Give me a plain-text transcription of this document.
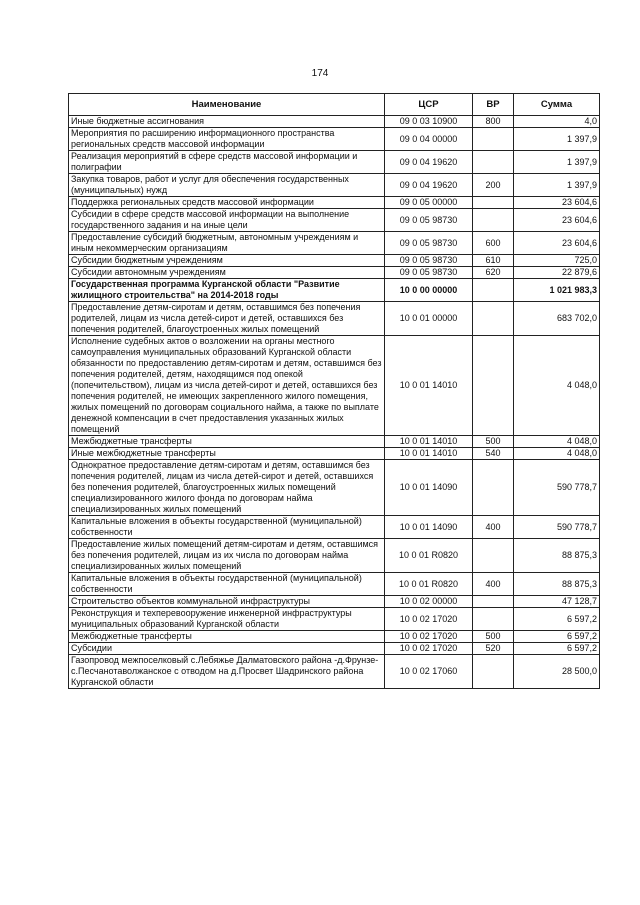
174
Наименование	ЦСР	ВР	Сумма
Иные бюджетные ассигнования	09 0 03 10900	800	4,0
Мероприятия по расширению информационного пространства региональных средств массовой информации	09 0 04 00000		1 397,9
Реализация мероприятий в сфере средств массовой информации и полиграфии	09 0 04 19620		1 397,9
Закупка товаров, работ и услуг для обеспечения государственных (муниципальных) нужд	09 0 04 19620	200	1 397,9
Поддержка региональных средств массовой информации	09 0 05 00000		23 604,6
Субсидии в сфере средств массовой информации на выполнение государственного задания и на иные цели	09 0 05 98730		23 604,6
Предоставление субсидий бюджетным, автономным учреждениям и иным некоммерческим организациям	09 0 05 98730	600	23 604,6
Субсидии бюджетным учреждениям	09 0 05 98730	610	725,0
Субсидии автономным учреждениям	09 0 05 98730	620	22 879,6
Государственная программа Курганской области "Развитие жилищного строительства" на 2014-2018 годы	10 0 00 00000		1 021 983,3
Предоставление детям-сиротам и детям, оставшимся без попечения родителей, лицам из числа детей-сирот и детей, оставшихся без попечения родителей, благоустроенных жилых помещений	10 0 01 00000		683 702,0
Исполнение судебных актов о возложении на органы местного самоуправления муниципальных образований Курганской области обязанности по предоставлению детям-сиротам и детям, оставшимся без попечения родителей, детям, находящимся под опекой (попечительством), лицам из числа детей-сирот и детей, оставшихся без попечения родителей, не имеющих закрепленного жилого помещения, жилых помещений по договорам социального найма, а также по выплате денежной компенсации в счет предоставления указанных жилых помещений	10 0 01 14010		4 048,0
Межбюджетные трансферты	10 0 01 14010	500	4 048,0
Иные межбюджетные трансферты	10 0 01 14010	540	4 048,0
Однократное предоставление детям-сиротам и детям, оставшимся без попечения родителей, лицам из числа детей-сирот и детей, оставшихся без попечения родителей, благоустроенных жилых помещений специализированного жилого фонда по договорам найма специализированных жилых помещений	10 0 01 14090		590 778,7
Капитальные вложения в объекты государственной (муниципальной) собственности	10 0 01 14090	400	590 778,7
Предоставление жилых помещений детям-сиротам и детям, оставшимся без попечения родителей, лицам из их числа по договорам найма специализированных жилых помещений	10 0 01 R0820		88 875,3
Капитальные вложения в объекты государственной (муниципальной) собственности	10 0 01 R0820	400	88 875,3
Строительство объектов коммунальной инфраструктуры	10 0 02 00000		47 128,7
Реконструкция и техперевооружение инженерной инфраструктуры муниципальных образований Курганской области	10 0 02 17020		6 597,2
Межбюджетные трансферты	10 0 02 17020	500	6 597,2
Субсидии	10 0 02 17020	520	6 597,2
Газопровод межпоселковый с.Лебяжье Далматовского района -д.Фрунзе-с.Песчанотаволжанское с отводом на д.Просвет Шадринского района Курганской области	10 0 02 17060		28 500,0
